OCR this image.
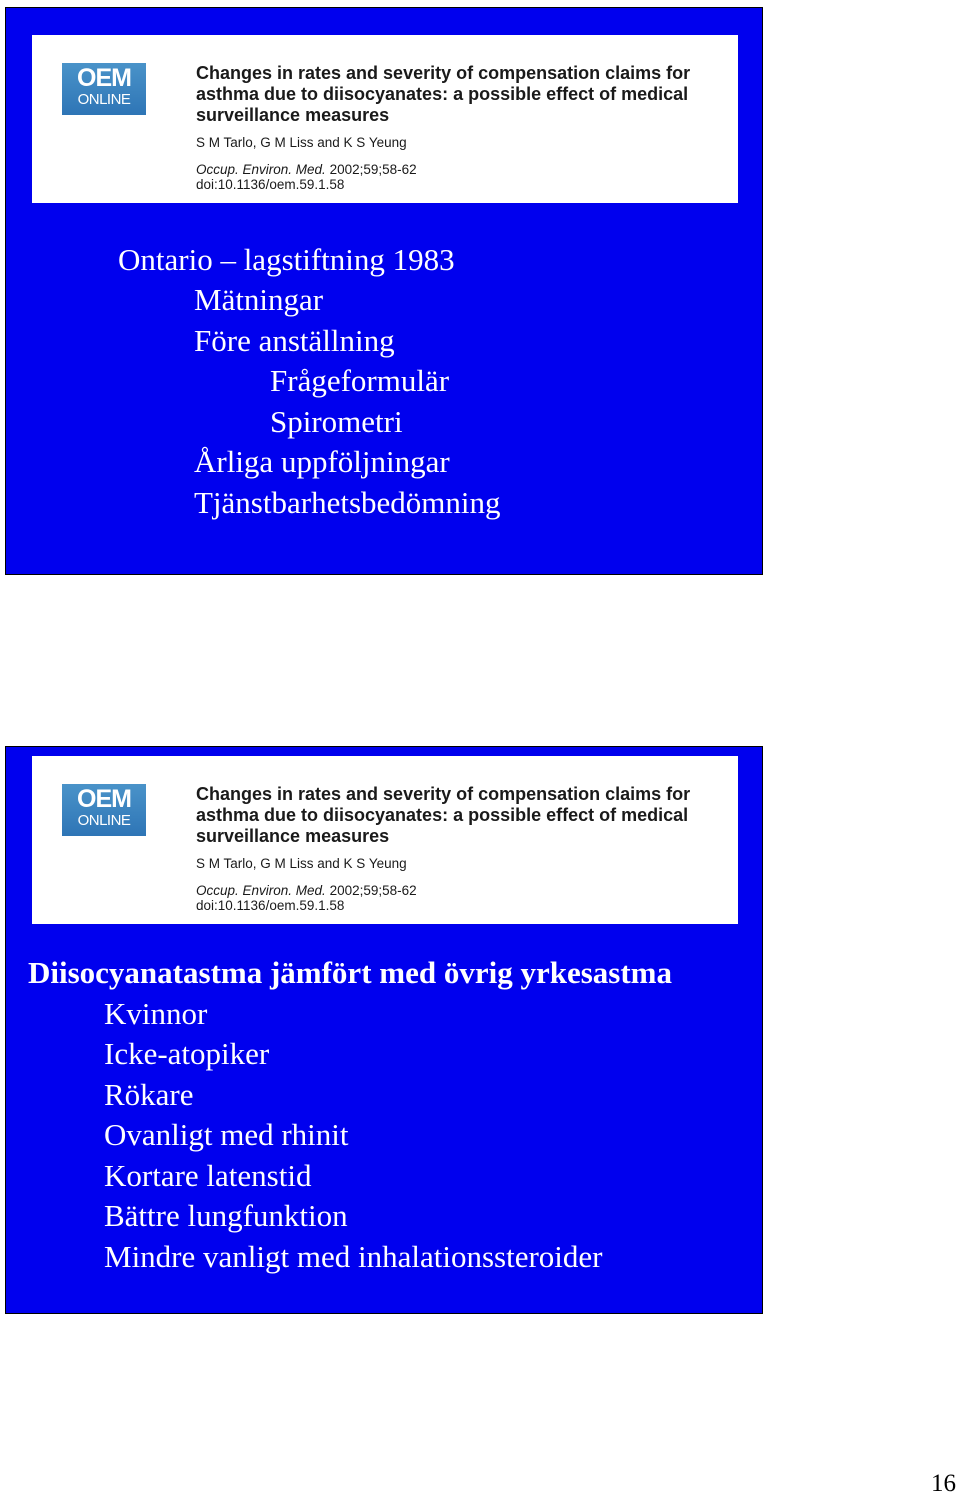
OEM
ONLINE

Changes in rates and severity of compensation claims for asthma due to diisocyanates: a possible effect of medical surveillance measures

S M Tarlo, G M Liss and K S Yeung
Occup. Environ. Med. 2002;59;58-62
doi:10.1136/oem.59.1.58
Ontario – lagstiftning 1983
Mätningar
Före anställning
Frågeformulär
Spirometri
Årliga uppföljningar
Tjänstbarhetsbedömning
OEM
ONLINE

Changes in rates and severity of compensation claims for asthma due to diisocyanates: a possible effect of medical surveillance measures

S M Tarlo, G M Liss and K S Yeung
Occup. Environ. Med. 2002;59;58-62
doi:10.1136/oem.59.1.58
Diisocyanatastma jämfört med övrig yrkesastma
Kvinnor
Icke-atopiker
Rökare
Ovanligt med rhinit
Kortare latenstid
Bättre lungfunktion
Mindre vanligt med inhalationssteroider
16
